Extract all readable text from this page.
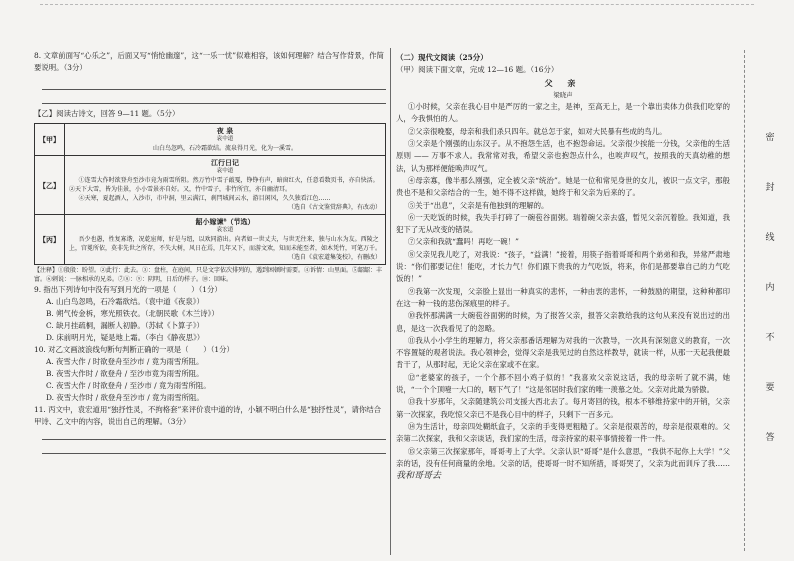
8. 文章前面写“心乐之”，后面又写“悄怆幽邃”，这“一乐一忧”似难相容，该如何理解？结合写作背景，作简要说明。（3分）
【乙】阅读古诗文，回答 9—11 题。（5分）
【甲】	夜 泉
袁中道
山白鸟忽鸣，石冷霜欲结。流泉得月光，化为一溪雪。

【乙】	江行日记
袁中道
①连雪大作时欲登舟至沙市竟为雨雪所阻。然万竹中雪子敲戛，铮铮有声，暗窗红火，任意看数页书，亦自快活。②天下大雪，皆为佳景，小小雪景亦自好。又，竹中雪子，非竹所宜，亦自幽清耳。
④天寒，夏起酒人，入沙市，市中洞，里云满江，刹閂城间云水，游目闲风，久久独看江色……
（选自《古文鉴赏辞典》，有改动）

【丙】	龆小嫁谏⁸（节选）
袁宏道
吾少也愚，性复寡谐，况乾宦师，好是与纽，以欢同游出。向者如一世丈夫，与世无往来，独与山水为友。西陵之上，宫冕所依，莫非先世之所存，不失大树，风日在焉，几年又下，而游文欢，知而未能至者，如木凭竹，可笔万千。
（选自《袁宏道集笺校》，有删改）
【注释】①殷殷：盼望。②此行：此去。③：盘柱，在庭间，只是文字依次排列的，遇到困顿时需要。④诉情：山里面。⑤龆龆：丰富。⑥刺说：一脉相承的兄弟。⑦⑧：⑨：阴明，日后的样子。⑩：回味。
9. 指出下列诗句中没有写到月光的一项是（　　）（1分）
A. 山白鸟忽鸣，石冷霜欲结。（袁中道《夜泉》）
B. 朔气传金柝，寒光照铁衣。（北朝民歌《木兰诗》）
C. 缺月挂疏桐，漏断人初静。（苏轼《卜算子》）
D. 床前明月光，疑是地上霜。（李白《静夜思》）
10. 对乙文画波浪线句断句判断正确的一项是（　　）（1分）
A. 夜雪大作 / 时欲登舟至沙市 / 竟为雨雪所阻。
B. 夜雪大作时 / 欲登舟 / 至沙市竟为雨雪所阻。
C. 夜雪大作 / 时欲登舟 / 至沙市 / 竟为雨雪所阻。
D. 夜雪大作时 / 欲登舟至沙市 / 竟为雨雪所阻。
11. 丙文中，袁宏道用“独抒性灵，不拘格套”来评价袁中道的诗，小颖不明白什么是“独抒性灵”，请你结合甲诗、乙文中的内容，说出自己的理解。（3分）
（二）现代文阅读（25分）
（甲）阅读下面文章，完成 12—16 题。（16分）
父 亲
梁晓声
①小时候，父亲在我心目中是严厉的一家之主，是神，至高无上，是一个靠出卖体力供我们吃穿的人，今我惧怕的人。
②父亲很晚娶，母亲和我们杀只四年。就总怎于家，如对大民暴有些成的鸟儿。
③父亲是个刚强的山东汉子。从不抱怨生活，也不抱怨命运。父亲很少挨能一分钱，父亲他的生活原则 —— 万事不求人。我常常对我，希望父亲也抱怨点什么，也唉声叹气，按照我的天真幼稚的想法，认为那样便能唤声叹气。
④母亲寡，像半那么刚强，定全被父亲“统治”。她是一位和常见身世的女儿，被识一点文字，那般贵也不是和父亲结合的一生，她不得不这样做，她终于和父亲为后来的了。
⑤关于“出息”，父亲是有他独到的理解的。
⑥一天吃饭的时候，我失手打碎了一碗苞谷面粥。瑞着碗父亲去盛，暂见父亲沉着脸。我知道，我犯下了无从改变的错误。
⑦父亲和我就“蠢吗！再吃一碗！”
⑧父亲见我儿吃了，对我说：“孩子，“益满！”接着，用筷子指着哥哥和两个弟弟和我，异常严肃地说：“你们都要记住！能吃，才长力气！你们跟下贵我的力气吃饭，将来，你们是都要靠自己的力气吃饭的！”
⑨我第一次发现，父亲脸上显出一种真实的悲怀，一种由衷的悲怀，一种鼓励的期望，这种种都印在这一种一钱的悲伤深痕里的样子。
⑩我怀那满满一大碗苞谷面粥的时候，为了报答父亲，报答父亲教给我的这句从来没有说出过的出息，是这一次我看见了的忽略。
⑪我从小小学生的理解力，将父亲那番话理解为对我的一次教导，一次具有深刻意义的教育，一次不容置疑的观者说法。我心领神会，觉得父亲是我见过的自然这样教导，就读一样，从那一天起我便最肯干了，从那时起，无论父亲在家或不在家。
⑫“老婆家的孩子，一个个都不回小鸡子似的！”我喜欢父亲说这话，我的母亲听了就不满，她说，“一个个顶噎一大口的，咽下气了！”这是邻居时我们家的唯一羡慕之处。父亲对此最为骄傲。
⑬我十岁那年，父亲随建筑公司支援大西北去了。每月寄回的钱，根本不够维持家中的开销，父亲第一次探家，我吃惊父亲已不是我心目中的样子，只剩下一百多元。
⑭为生活计，母亲四处糊纸盒子，父亲的手变得更粗糙了。父亲是很艰苦的，母亲是很艰难的。父亲第二次探家，我和父亲谈话，我们家的生活，母亲持家的艰辛事情接着一件一件。
⑮父亲第三次探家那年，哥哥考上了大学。父亲认识“哥哥”是什么意思，“我供不起你上大学！”父亲的话，没有任何商量的余地。父亲的话，使哥哥一时不知所措，哥哥哭了，父亲为此而训斥了我…… 我和哥哥去
密
封
线
内
不
要
答
